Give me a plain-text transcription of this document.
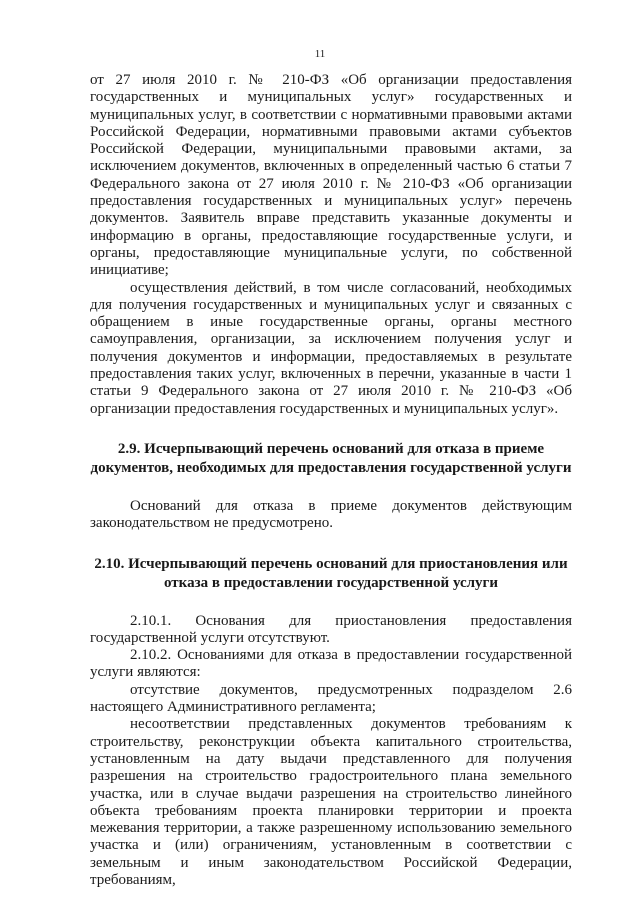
11

от 27 июля 2010 г. № 210-ФЗ «Об организации предоставления государственных и муниципальных услуг» государственных и муниципальных услуг, в соответствии с нормативными правовыми актами Российской Федерации, нормативными правовыми актами субъектов Российской Федерации, муниципальными правовыми актами, за исключением документов, включенных в определенный частью 6 статьи 7 Федерального закона от 27 июля 2010 г. № 210-ФЗ «Об организации предоставления государственных и муниципальных услуг» перечень документов. Заявитель вправе представить указанные документы и информацию в органы, предоставляющие государственные услуги, и органы, предоставляющие муниципальные услуги, по собственной инициативе;

осуществления действий, в том числе согласований, необходимых для получения государственных и муниципальных услуг и связанных с обращением в иные государственные органы, органы местного самоуправления, организации, за исключением получения услуг и получения документов и информации, предоставляемых в результате предоставления таких услуг, включенных в перечни, указанные в части 1 статьи 9 Федерального закона от 27 июля 2010 г. № 210-ФЗ «Об организации предоставления государственных и муниципальных услуг».

2.9. Исчерпывающий перечень оснований для отказа в приеме
документов, необходимых для предоставления государственной услуги

Оснований для отказа в приеме документов действующим законодательством не предусмотрено.

2.10. Исчерпывающий перечень оснований для приостановления или
отказа в предоставлении государственной услуги

2.10.1. Основания для приостановления предоставления государственной услуги отсутствуют.

2.10.2. Основаниями для отказа в предоставлении государственной услуги являются:

отсутствие документов, предусмотренных подразделом 2.6 настоящего Административного регламента;

несоответствии представленных документов требованиям к строительству, реконструкции объекта капитального строительства, установленным на дату выдачи представленного для получения разрешения на строительство градостроительного плана земельного участка, или в случае выдачи разрешения на строительство линейного объекта требованиям проекта планировки территории и проекта межевания территории, а также разрешенному использованию земельного участка и (или) ограничениям, установленным в соответствии с земельным и иным законодательством Российской Федерации, требованиям,
